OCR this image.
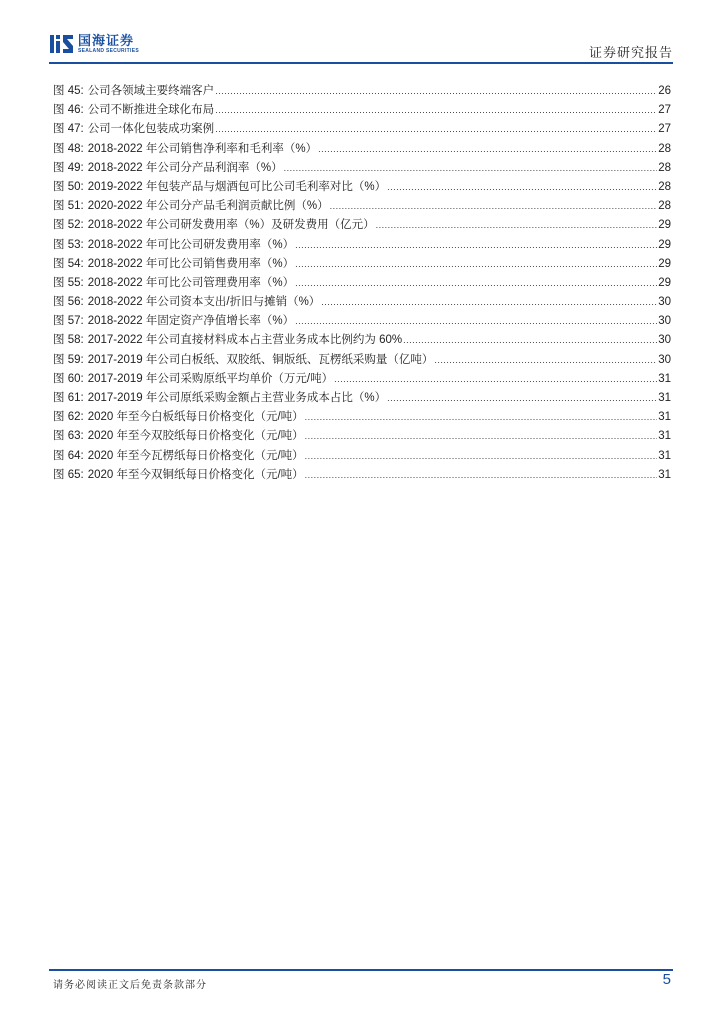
国海证券
SEALAND SECURITIES	证券研究报告
图 45: 公司各领域主要终端客户 .....	26
图 46: 公司不断推进全球化布局 .....	27
图 47: 公司一体化包装成功案例 .....	27
图 48: 2018-2022 年公司销售净利率和毛利率（%） .....	28
图 49: 2018-2022 年公司分产品利润率（%） .....	28
图 50: 2019-2022 年包装产品与烟酒包可比公司毛利率对比（%） .....	28
图 51: 2020-2022 年公司分产品毛利润贡献比例（%） .....	28
图 52: 2018-2022 年公司研发费用率（%）及研发费用（亿元） .....	29
图 53: 2018-2022 年可比公司研发费用率（%） .....	29
图 54: 2018-2022 年可比公司销售费用率（%） .....	29
图 55: 2018-2022 年可比公司管理费用率（%） .....	29
图 56: 2018-2022 年公司资本支出/折旧与摊销（%） .....	30
图 57: 2018-2022 年固定资产净值增长率（%） .....	30
图 58: 2017-2022 年公司直接材料成本占主营业务成本比例约为 60% .....	30
图 59: 2017-2019 年公司白板纸、双胶纸、铜版纸、瓦楞纸采购量（亿吨） .....	30
图 60: 2017-2019 年公司采购原纸平均单价（万元/吨） .....	31
图 61: 2017-2019 年公司原纸采购金额占主营业务成本占比（%） .....	31
图 62: 2020 年至今白板纸每日价格变化（元/吨） .....	31
图 63: 2020 年至今双胶纸每日价格变化（元/吨） .....	31
图 64: 2020 年至今瓦楞纸每日价格变化（元/吨） .....	31
图 65: 2020 年至今双铜纸每日价格变化（元/吨） .....	31
请务必阅读正文后免责条款部分	5
